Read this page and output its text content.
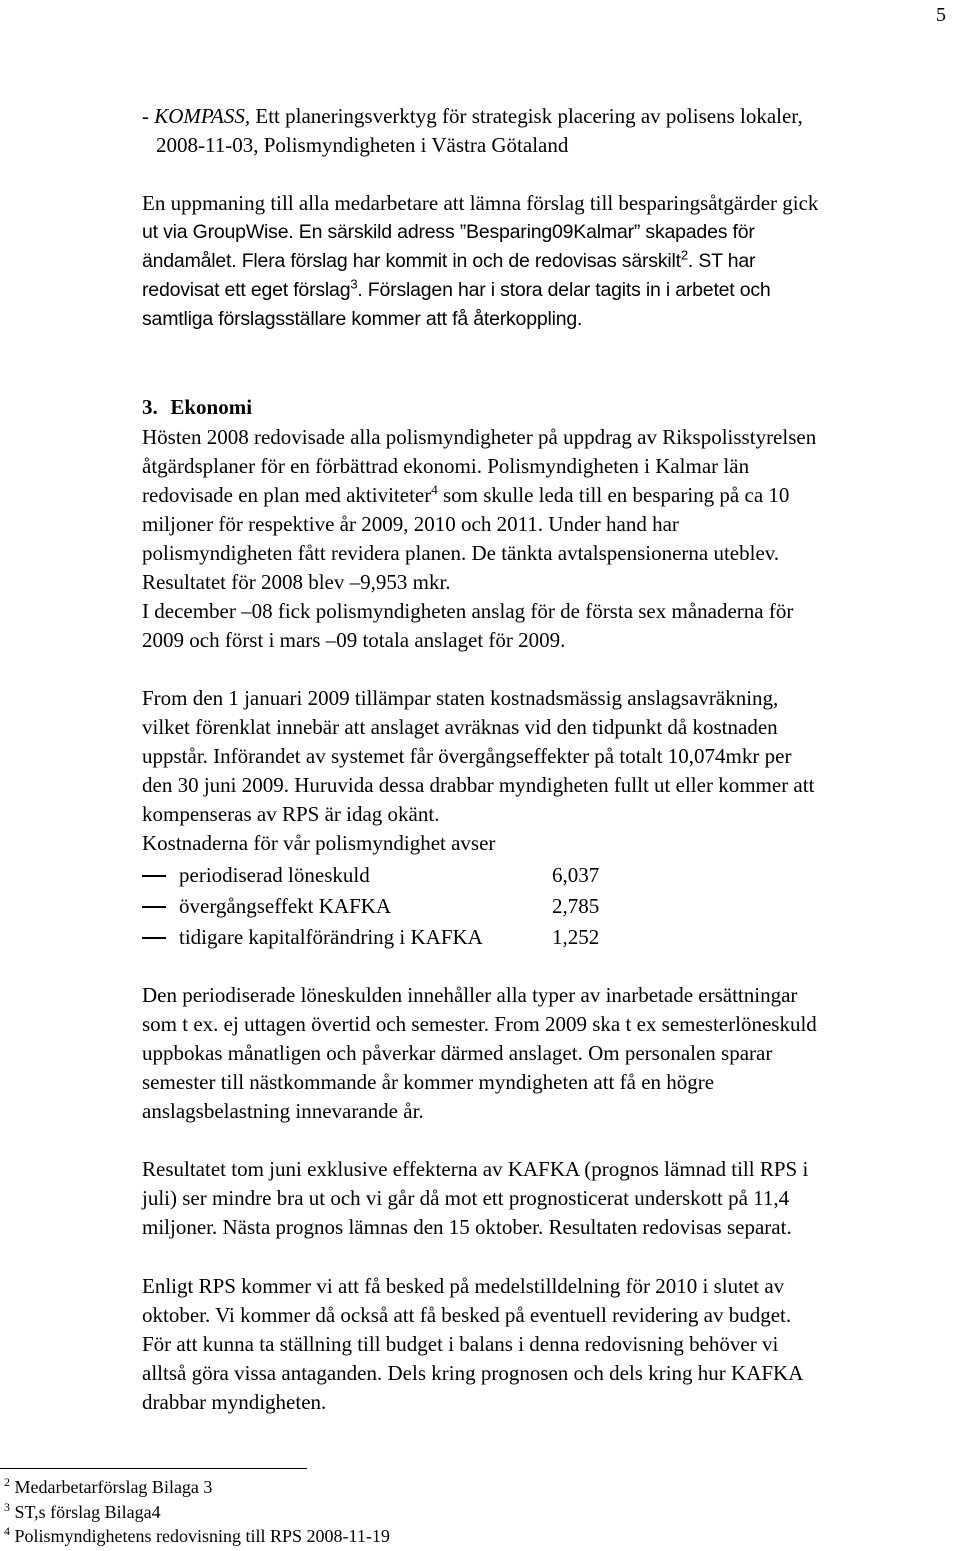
5
- KOMPASS, Ett planeringsverktyg för strategisk placering av polisens lokaler,
2008-11-03, Polismyndigheten i Västra Götaland
En uppmaning till alla medarbetare att lämna förslag till besparingsåtgärder gick
ut via GroupWise. En särskild adress ”Besparing09Kalmar” skapades för
ändamålet. Flera förslag har kommit in och de redovisas särskilt$^2$. ST har
redovisat ett eget förslag$^3$. Förslagen har i stora delar tagits in i arbetet och
samtliga förslagsställare kommer att få återkoppling.
3. Ekonomi
Hösten 2008 redovisade alla polismyndigheter på uppdrag av Rikspolisstyrelsen
åtgärdsplaner för en förbättrad ekonomi. Polismyndigheten i Kalmar län
redovisade en plan med aktiviteter$^4$ som skulle leda till en besparing på ca 10
miljoner för respektive år 2009, 2010 och 2011. Under hand har
polismyndigheten fått revidera planen. De tänkta avtalspensionerna uteblev.
Resultatet för 2008 blev –9,953 mkr.
I december –08 fick polismyndigheten anslag för de första sex månaderna för
2009 och först i mars –09 totala anslaget för 2009.
From den 1 januari 2009 tillämpar staten kostnadsmässig anslagsavräkning,
vilket förenklat innebär att anslaget avräknas vid den tidpunkt då kostnaden
uppstår. Införandet av systemet får övergångseffekter på totalt 10,074mkr per
den 30 juni 2009. Huruvida dessa drabbar myndigheten fullt ut eller kommer att
kompenseras av RPS är idag okänt.
Kostnaderna för vår polismyndighet avser
periodiserad löneskuld	6,037
övergångseffekt KAFKA	2,785
tidigare kapitalförändring i KAFKA	1,252
Den periodiserade löneskulden innehåller alla typer av inarbetade ersättningar
som t ex. ej uttagen övertid och semester. From 2009 ska t ex semesterlöneskuld
uppbokas månatligen och påverkar därmed anslaget. Om personalen sparar
semester till nästkommande år kommer myndigheten att få en högre
anslagsbelastning innevarande år.
Resultatet tom juni exklusive effekterna av KAFKA (prognos lämnad till RPS i
juli) ser mindre bra ut och vi går då mot ett prognosticerat underskott på 11,4
miljoner. Nästa prognos lämnas den 15 oktober. Resultaten redovisas separat.
Enligt RPS kommer vi att få besked på medelstilldelning för 2010 i slutet av
oktober. Vi kommer då också att få besked på eventuell revidering av budget.
För att kunna ta ställning till budget i balans i denna redovisning behöver vi
alltså göra vissa antaganden. Dels kring prognosen och dels kring hur KAFKA
drabbar myndigheten.
$^2$ Medarbetarförslag Bilaga 3
$^3$ ST,s förslag Bilaga4
$^4$ Polismyndighetens redovisning till RPS 2008-11-19
